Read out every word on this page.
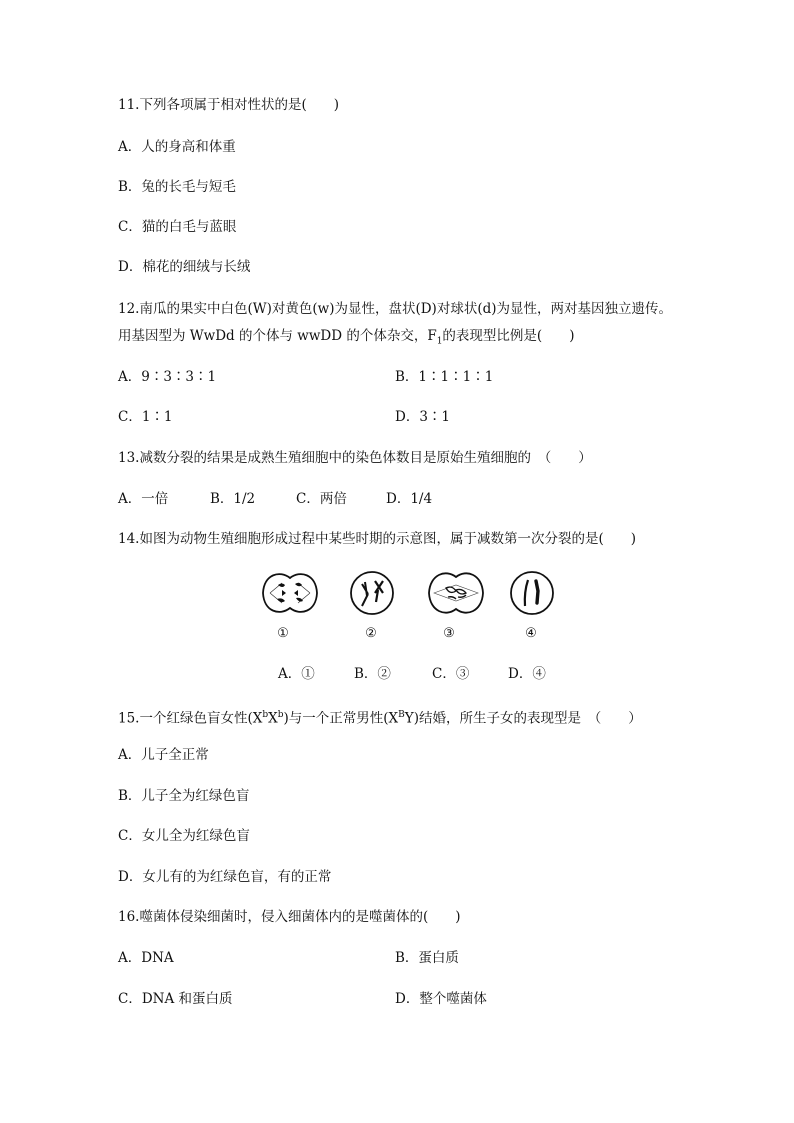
11.下列各项属于相对性状的是(　　)
A．人的身高和体重
B．兔的长毛与短毛
C．猫的白毛与蓝眼
D．棉花的细绒与长绒
12.南瓜的果实中白色(W)对黄色(w)为显性，盘状(D)对球状(d)为显性，两对基因独立遗传。
用基因型为 WwDd 的个体与 wwDD 的个体杂交，$F_1$的表现型比例是(　　)
A．9∶3∶3∶1	B．1∶1∶1∶1
C．1∶1	D．3∶1
13.减数分裂的结果是成熟生殖细胞中的染色体数目是原始生殖细胞的　（　　）
A．一倍	B．1/2	C．两倍	D．1/4
14.如图为动物生殖细胞形成过程中某些时期的示意图，属于减数第一次分裂的是(　　)
①	②	③	④
A．①	B．②	C．③	D．④
15.一个红绿色盲女性$(X^bX^b)$与一个正常男性$(X^BY)$结婚，所生子女的表现型是　（　　）
A．儿子全正常
B．儿子全为红绿色盲
C．女儿全为红绿色盲
D．女儿有的为红绿色盲，有的正常
16.噬菌体侵染细菌时，侵入细菌体内的是噬菌体的(　　)
A．DNA	B．蛋白质
C．DNA 和蛋白质	D．整个噬菌体
